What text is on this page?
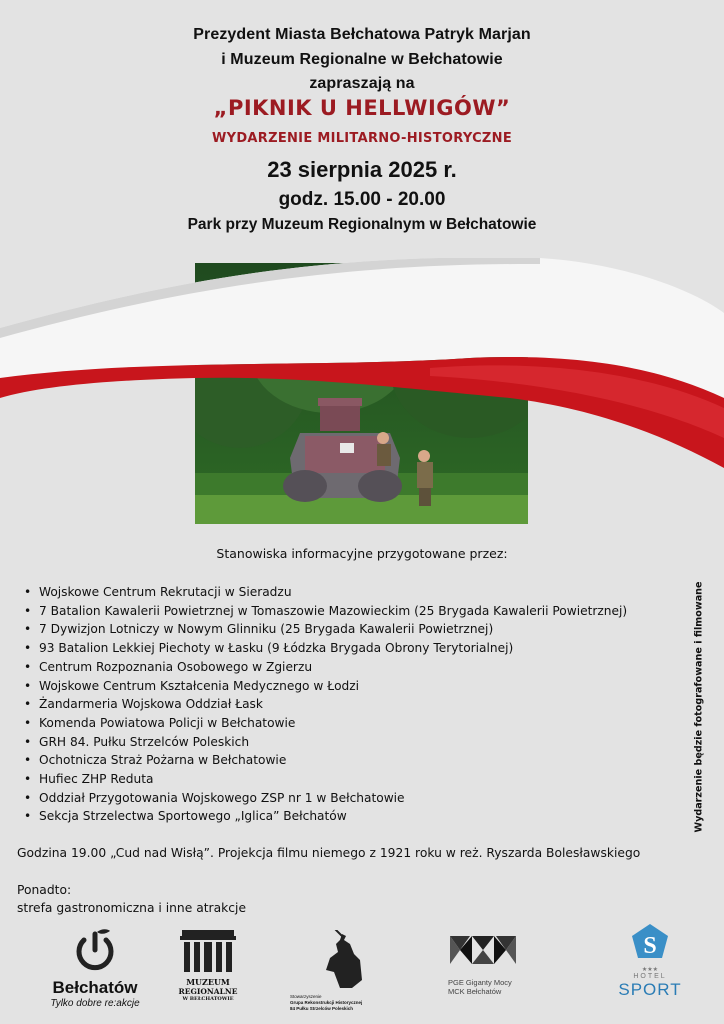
Prezydent Miasta Bełchatowa Patryk Marjan
i Muzeum Regionalne w Bełchatowie
zapraszają na
„PIKNIK U HELLWIGÓW”
WYDARZENIE MILITARNO-HISTORYCZNE
23 sierpnia 2025 r.
godz. 15.00 - 20.00
Park przy Muzeum Regionalnym w Bełchatowie
Stanowiska informacyjne przygotowane przez:
• Wojskowe Centrum Rekrutacji w Sieradzu
• 7 Batalion Kawalerii Powietrznej w Tomaszowie Mazowieckim (25 Brygada Kawalerii Powietrznej)
• 7 Dywizjon Lotniczy w Nowym Glinniku (25 Brygada Kawalerii Powietrznej)
• 93 Batalion Lekkiej Piechoty w Łasku (9 Łódzka Brygada Obrony Terytorialnej)
• Centrum Rozpoznania Osobowego w Zgierzu
• Wojskowe Centrum Kształcenia Medycznego w Łodzi
• Żandarmeria Wojskowa Oddział Łask
• Komenda Powiatowa Policji w Bełchatowie
• GRH 84. Pułku Strzelców Poleskich
• Ochotnicza Straż Pożarna w Bełchatowie
• Hufiec ZHP Reduta
• Oddział Przygotowania Wojskowego ZSP nr 1 w Bełchatowie
• Sekcja Strzelectwa Sportowego „Iglica” Bełchatów	Wydarzenie będzie fotografowane i filmowane
Godzina 19.00 „Cud nad Wisłą”. Projekcja filmu niemego z 1921 roku w reż. Ryszarda Bolesławskiego
Ponadto:
strefa gastronomiczna i inne atrakcje
Bełchatów
Tylko dobre re:akcje
MUZEUM
REGIONALNE
W BEŁCHATOWIE	Stowarzyszenie
Grupa Rekonstrukcji Historycznej
84 Pułku Strzelców Poleskich
PGE Giganty Mocy
MCK Bełchatów
S
★★★
HOTEL
SPORT
